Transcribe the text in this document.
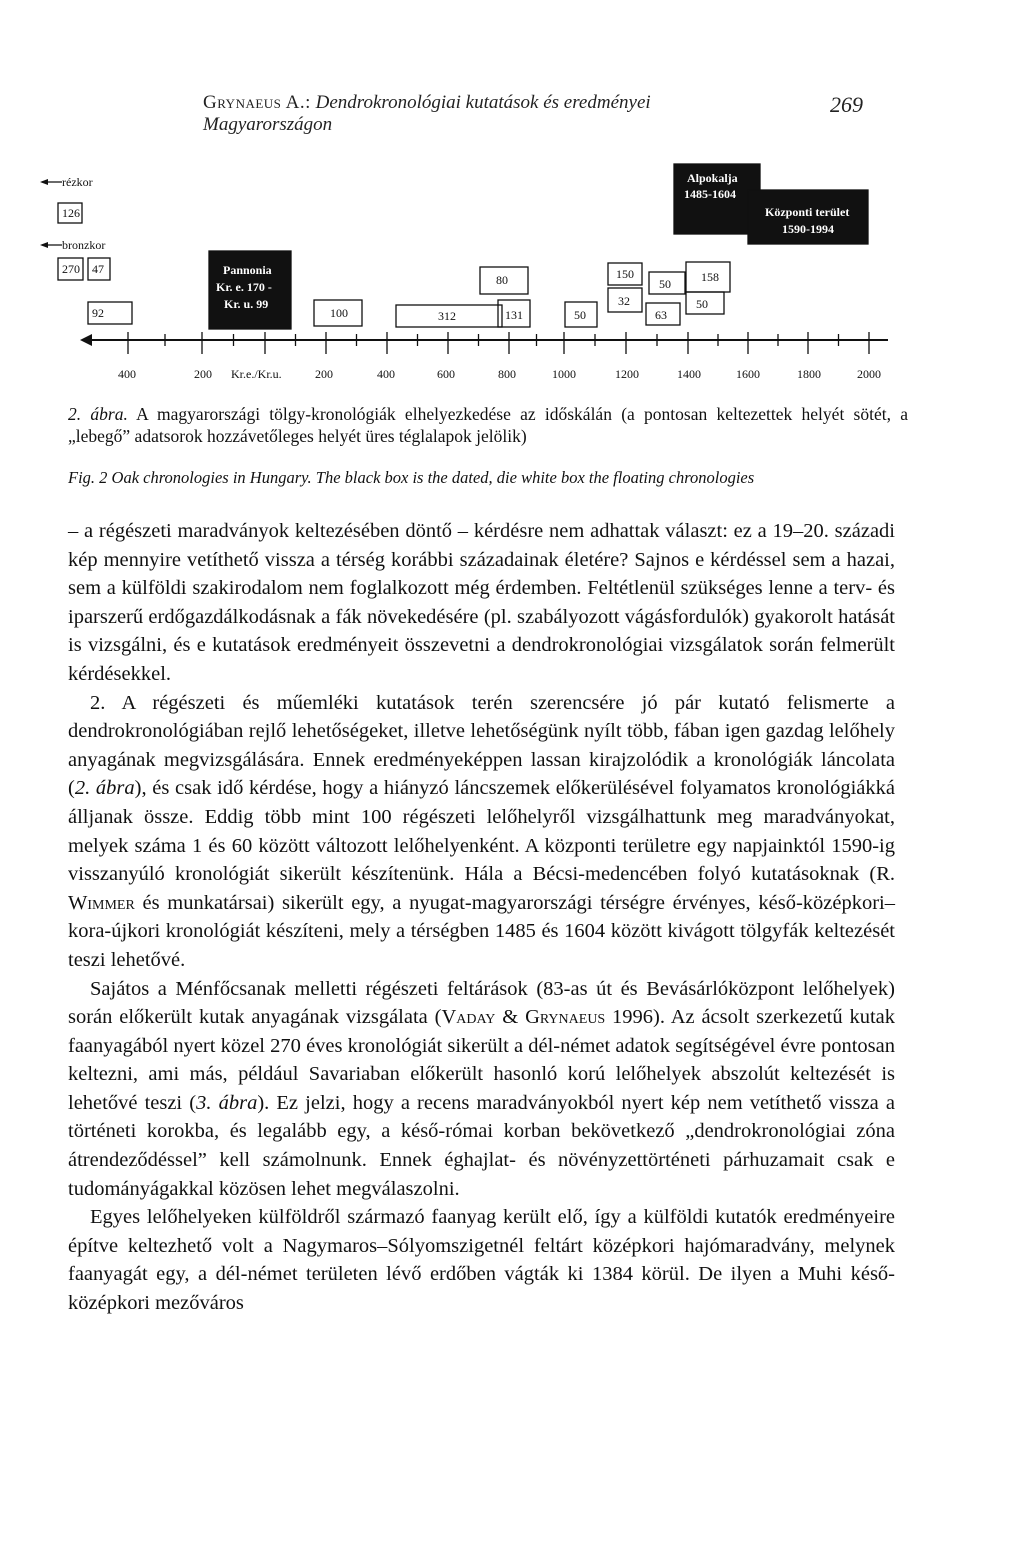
Grynaeus A.: Dendrokronológiai kutatások és eredményei Magyarországon
269
rézkor
bronzkor
126
270 47
92	100
80
312	131	50
150
32
50
63
158
50
Pannonia
Kr. e. 170 -
Kr. u. 99
Alpokalja
1485-1604
Központi terület
1590-1994
400	200 Kr.e./Kr.u.	200	400	600	800	1000	1200	1400	1600	1800	2000
2. ábra. A magyarországi tölgy-kronológiák elhelyezkedése az időskálán (a pontosan keltezettek helyét sötét, a „lebegő” adatsorok hozzávetőleges helyét üres téglalapok jelölik)
Fig. 2 Oak chronologies in Hungary. The black box is the dated, die white box the floating chronologies

– a régészeti maradványok keltezésében döntő – kérdésre nem adhattak választ: ez a 19–20. századi kép mennyire vetíthető vissza a térség korábbi századainak életére? Sajnos e kérdéssel sem a hazai, sem a külföldi szakirodalom nem foglalkozott még érdemben. Feltétlenül szükséges lenne a terv- és iparszerű erdőgazdálkodásnak a fák növekedésére (pl. szabályozott vágásfordulók) gyakorolt hatását is vizsgálni, és e kutatások eredményeit összevetni a dendrokronológiai vizsgálatok során felmerült kérdésekkel.

2. A régészeti és műemléki kutatások terén szerencsére jó pár kutató felismerte a dendrokronológiában rejlő lehetőségeket, illetve lehetőségünk nyílt több, fában igen gazdag lelőhely anyagának megvizsgálására. Ennek eredményeképpen lassan kirajzolódik a kronológiák láncolata (2. ábra), és csak idő kérdése, hogy a hiányzó láncszemek előkerülésével folyamatos kronológiákká álljanak össze. Eddig több mint 100 régészeti lelőhelyről vizsgálhattunk meg maradványokat, melyek száma 1 és 60 között változott lelőhelyenként. A központi területre egy napjainktól 1590-ig visszanyúló kronológiát sikerült készítenünk. Hála a Bécsi-medencében folyó kutatásoknak (R. Wimmer és munkatársai) sikerült egy, a nyugat-magyarországi térségre érvényes, késő-középkori–kora-újkori kronológiát készíteni, mely a térségben 1485 és 1604 között kivágott tölgyfák keltezését teszi lehetővé.

Sajátos a Ménfőcsanak melletti régészeti feltárások (83-as út és Bevásárlóközpont lelőhelyek) során előkerült kutak anyagának vizsgálata (Vaday & Grynaeus 1996). Az ácsolt szerkezetű kutak faanyagából nyert közel 270 éves kronológiát sikerült a dél-német adatok segítségével évre pontosan keltezni, ami más, például Savariaban előkerült hasonló korú lelőhelyek abszolút keltezését is lehetővé teszi (3. ábra). Ez jelzi, hogy a recens maradványokból nyert kép nem vetíthető vissza a történeti korokba, és legalább egy, a késő-római korban bekövetkező „dendrokronológiai zóna átrendeződéssel” kell számolnunk. Ennek éghajlat- és növényzettörténeti párhuzamait csak e tudományágakkal közösen lehet megválaszolni.

Egyes lelőhelyeken külföldről származó faanyag került elő, így a külföldi kutatók eredményeire építve keltezhető volt a Nagymaros–Sólyomszigetnél feltárt középkori hajómaradvány, melynek faanyagát egy, a dél-német területen lévő erdőben vágták ki 1384 körül. De ilyen a Muhi késő-középkori mezőváros
